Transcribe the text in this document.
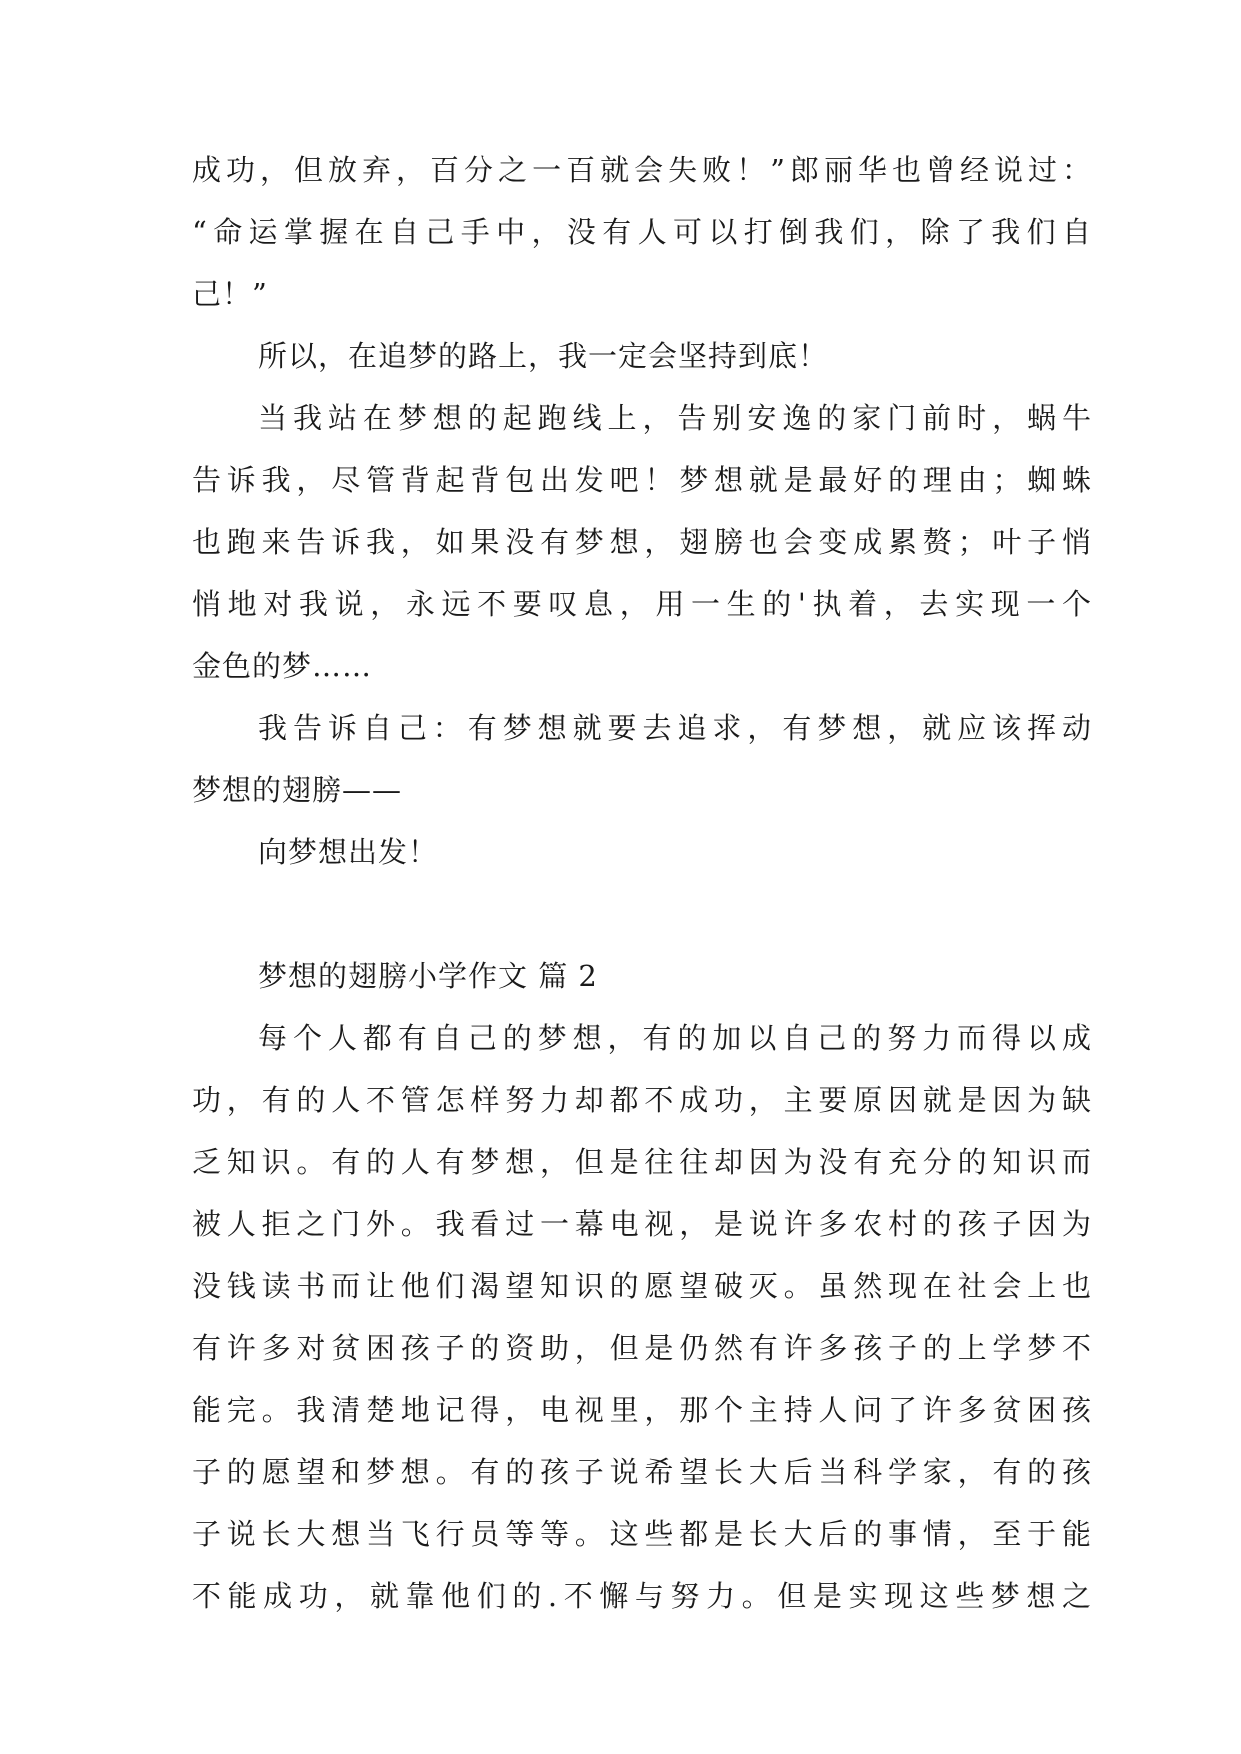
成功，但放弃，百分之一百就会失败！”郎丽华也曾经说过：
“命运掌握在自己手中，没有人可以打倒我们，除了我们自
己！”
所以，在追梦的路上，我一定会坚持到底！
当我站在梦想的起跑线上，告别安逸的家门前时，蜗牛
告诉我，尽管背起背包出发吧！梦想就是最好的理由；蜘蛛
也跑来告诉我，如果没有梦想，翅膀也会变成累赘；叶子悄
悄地对我说，永远不要叹息，用一生的'执着，去实现一个
金色的梦……
我告诉自己：有梦想就要去追求，有梦想，就应该挥动
梦想的翅膀——
向梦想出发！
梦想的翅膀小学作文 篇 2
每个人都有自己的梦想，有的加以自己的努力而得以成
功，有的人不管怎样努力却都不成功，主要原因就是因为缺
乏知识。有的人有梦想，但是往往却因为没有充分的知识而
被人拒之门外。我看过一幕电视，是说许多农村的孩子因为
没钱读书而让他们渴望知识的愿望破灭。虽然现在社会上也
有许多对贫困孩子的资助，但是仍然有许多孩子的上学梦不
能完。我清楚地记得，电视里，那个主持人问了许多贫困孩
子的愿望和梦想。有的孩子说希望长大后当科学家，有的孩
子说长大想当飞行员等等。这些都是长大后的事情，至于能
不能成功，就靠他们的.不懈与努力。但是实现这些梦想之
